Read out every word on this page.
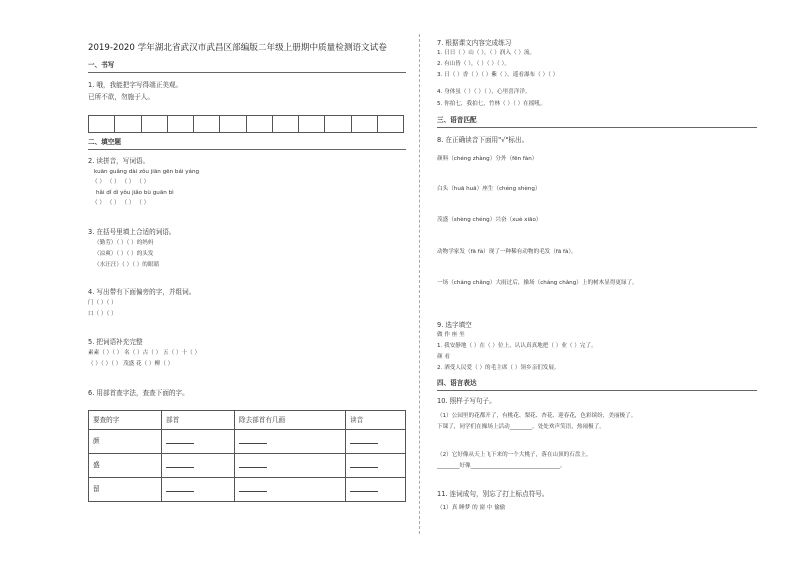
2019-2020 学年湖北省武汉市武昌区部编版二年级上册期中质量检测语文试卷
一、书写
1. 哦，我能把字写得端正美观。
已所不欲，勿施于人。
二、填空题
2. 读拼音，写词语。
kuān guǎng dài zǒu jiān gēn bái yáng
（ ） （ ） （ ） （ ）
hǎi dǐ dì yǒu jiǎo bù guān bì
（ ） （ ） （ ） （ ）
3. 在括号里填上合适的词语。
（勤劳）（ ）（ ）的妈妈
（凉爽）（ ）（ ）的头发
（水汪汪）（ ）（ ）的眼睛
4. 写出带有下面偏旁的字，并组词。
门（ ）（ ）
口（ ）（ ）
5. 把词语补充完整
素素（ ）（ ） 名（ ）古（ ） 五（ ）十（ ）
（ ）（ ）（ ） 茂盛 花（ ）柳（ ）
6. 用部首查字法，查查下面的字。
要查的字	部首	除去部首有几画	读音
颜			
盛			
留			
7. 根据课文内容完成练习
1. 日日（ ）山（ ），（ ）润入（ ）流。
2. 有山皆（ ），（ ）（ ）（ ）。
3. 日（ ）香（ ）（ ）紫（ ），遥看瀑布（ ）（ ）
4. 身体虽（ ）（ ）（ ），心里喜洋洋。
5. 你拍七，我拍七，竹林（ ）（ ）在摇吼。
三、语音匹配
8. 在正确读音下面用"√"标出。
颜料（chéng zhàng）分外（fēn fàn）
白头（huā huā）座生（chéng shèng）
茂盛（shèng chéng）兴奋（xuè xiāo）
动物学家发（fā fà）现了一种稀有动物的毛发（fā fà）。
一场（cháng chǎng）大雨过后，操场（cháng chǎng）上的树木显得更绿了。
9. 选字填空
做 作 座 坐
1. 我安静地（ ）在（ ）位上，认认真真地把（ ）业（ ）完了。
颜 看
2. 洒受人民爱（ ）的毛主席（ ）领乡亲们发展。
四、语言表达
10. 照样子写句子。
（1）公园里的花都开了，有桃花、梨花、杏花、迎春花，色彩缤纷，美丽极了。
下课了，同学们在操场上活动________。处处欢声笑语，热闹极了。
（2）它好像从天上飞下来的一个大桃子，落在山顶的石盘上。
________好像________________________________。
11. 连词成句，别忘了打上标点符号。
（1）真 睡梦 的 窗 中 偷偷
